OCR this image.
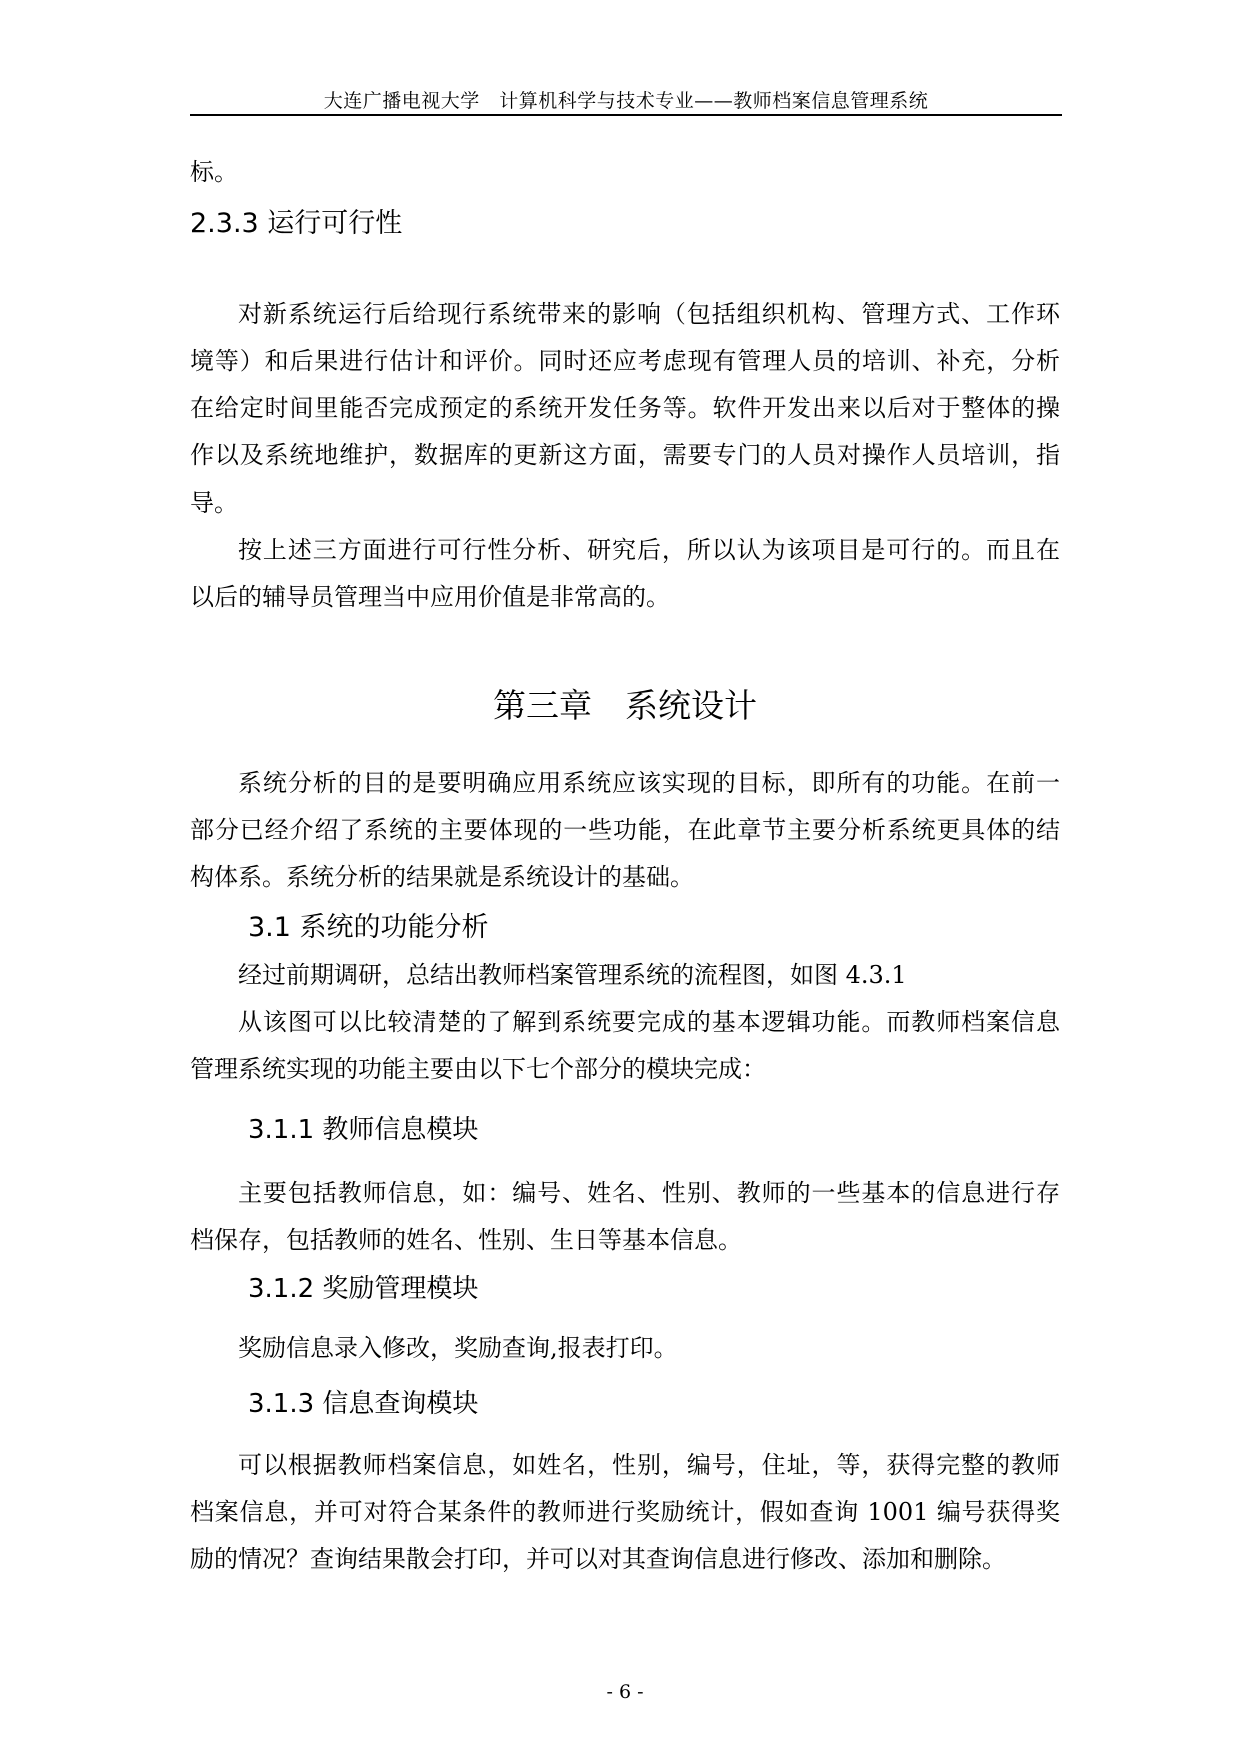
大连广播电视大学　计算机科学与技术专业——教师档案信息管理系统
标。
2.3.3 运行可行性
对新系统运行后给现行系统带来的影响（包括组织机构、管理方式、工作环
境等）和后果进行估计和评价。同时还应考虑现有管理人员的培训、补充，分析
在给定时间里能否完成预定的系统开发任务等。软件开发出来以后对于整体的操
作以及系统地维护，数据库的更新这方面，需要专门的人员对操作人员培训，指
导。
按上述三方面进行可行性分析、研究后，所以认为该项目是可行的。而且在
以后的辅导员管理当中应用价值是非常高的。
第三章　系统设计
系统分析的目的是要明确应用系统应该实现的目标，即所有的功能。在前一
部分已经介绍了系统的主要体现的一些功能，在此章节主要分析系统更具体的结
构体系。系统分析的结果就是系统设计的基础。
3.1 系统的功能分析
经过前期调研，总结出教师档案管理系统的流程图，如图 4.3.1
从该图可以比较清楚的了解到系统要完成的基本逻辑功能。而教师档案信息
管理系统实现的功能主要由以下七个部分的模块完成：
3.1.1 教师信息模块
主要包括教师信息，如：编号、姓名、性别、教师的一些基本的信息进行存
档保存，包括教师的姓名、性别、生日等基本信息。
3.1.2 奖励管理模块
奖励信息录入修改，奖励查询,报表打印。
3.1.3 信息查询模块
可以根据教师档案信息，如姓名，性别，编号，住址，等，获得完整的教师
档案信息，并可对符合某条件的教师进行奖励统计，假如查询 1001 编号获得奖
励的情况？查询结果散会打印，并可以对其查询信息进行修改、添加和删除。
- 6 -
